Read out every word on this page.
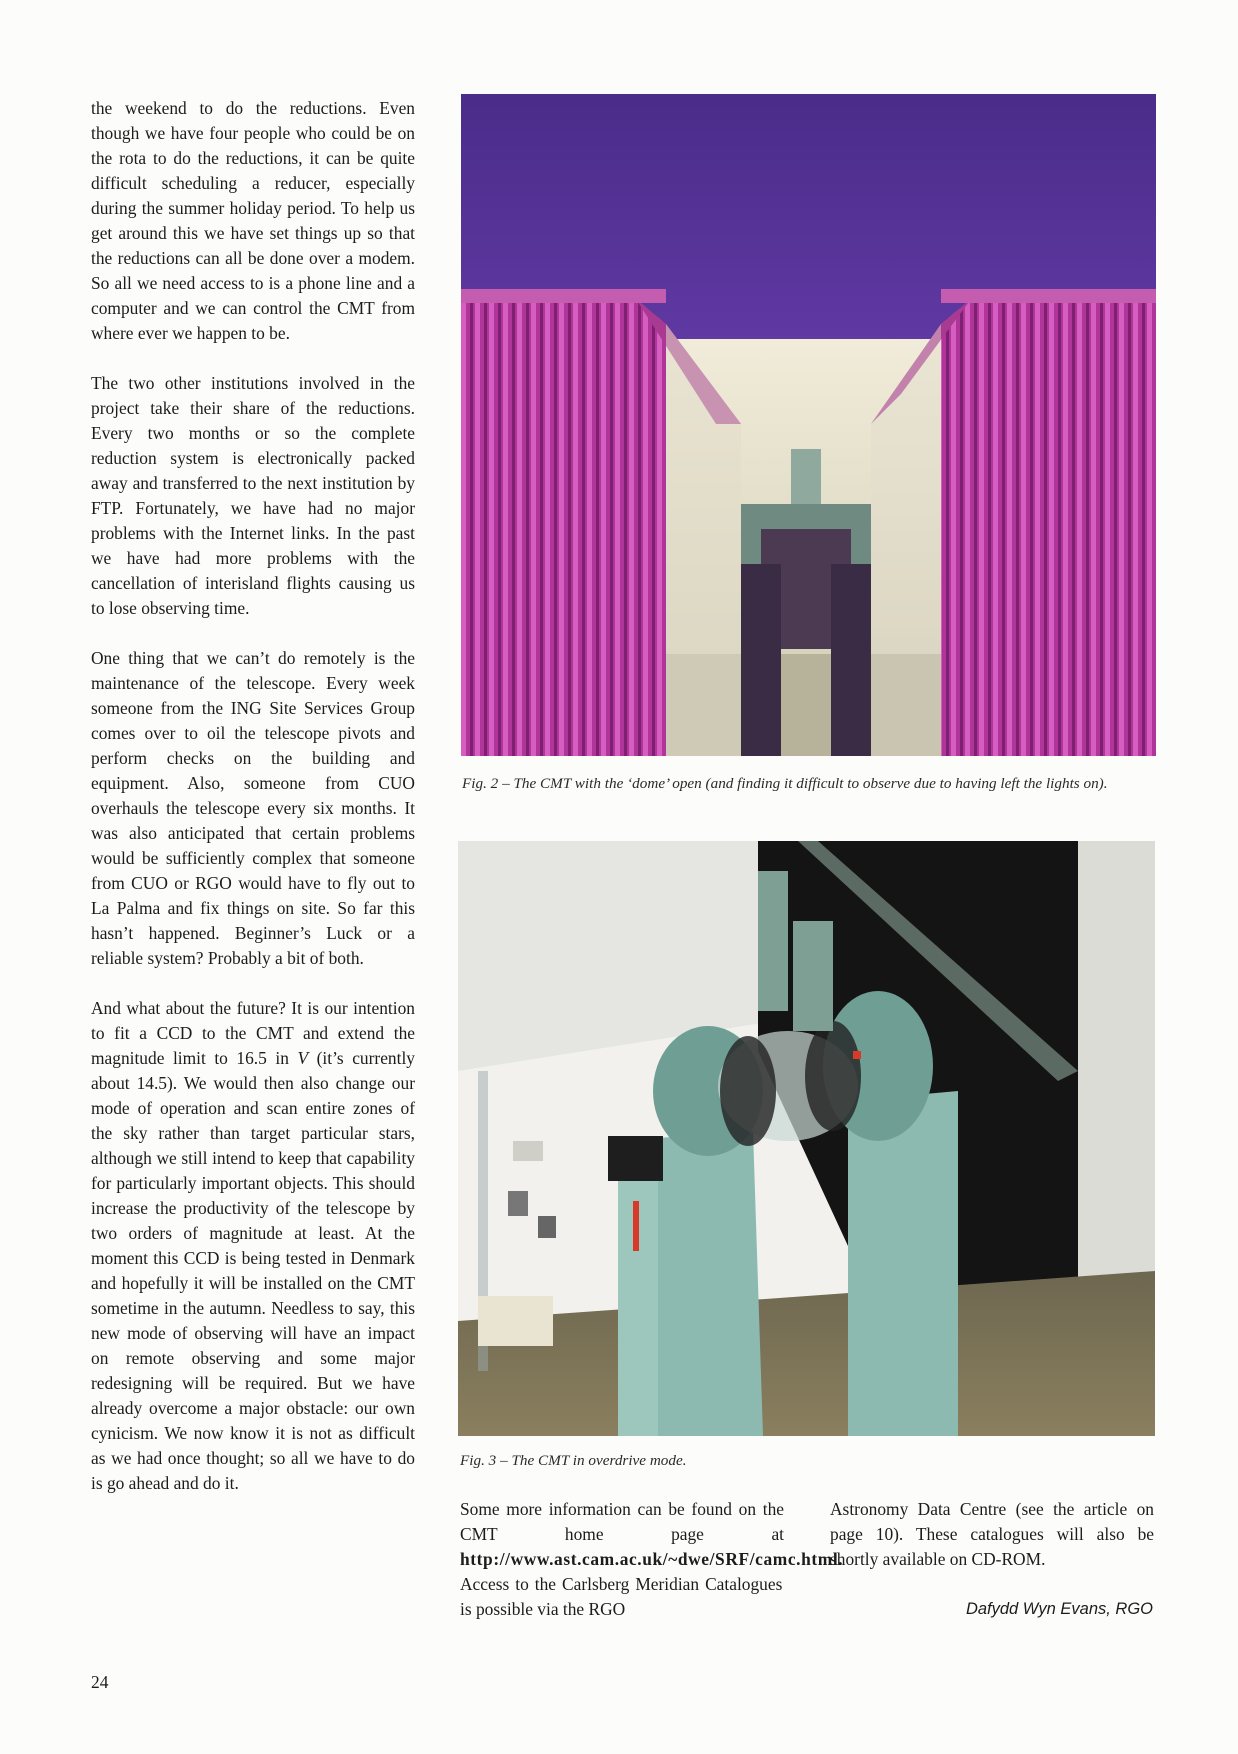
the weekend to do the reductions. Even though we have four people who could be on the rota to do the reductions, it can be quite difficult scheduling a reducer, especially during the summer holiday period. To help us get around this we have set things up so that the reductions can all be done over a modem. So all we need access to is a phone line and a computer and we can control the CMT from where ever we happen to be.

The two other institutions involved in the project take their share of the reductions. Every two months or so the complete reduction system is electronically packed away and transferred to the next institution by FTP. Fortunately, we have had no major problems with the Internet links. In the past we have had more problems with the cancellation of interisland flights causing us to lose observing time.

One thing that we can’t do remotely is the maintenance of the telescope. Every week someone from the ING Site Services Group comes over to oil the telescope pivots and perform checks on the building and equipment. Also, someone from CUO overhauls the telescope every six months. It was also anticipated that certain problems would be sufficiently complex that someone from CUO or RGO would have to fly out to La Palma and fix things on site. So far this hasn’t happened. Beginner’s Luck or a reliable system? Probably a bit of both.

And what about the future? It is our intention to fit a CCD to the CMT and extend the magnitude limit to 16.5 in V (it’s currently about 14.5). We would then also change our mode of operation and scan entire zones of the sky rather than target particular stars, although we still intend to keep that capability for particularly important objects. This should increase the productivity of the telescope by two orders of magnitude at least. At the moment this CCD is being tested in Denmark and hopefully it will be installed on the CMT sometime in the autumn. Needless to say, this new mode of observing will have an impact on remote observing and some major redesigning will be required. But we have already overcome a major obstacle: our own cynicism. We now know it is not as difficult as we had once thought; so all we have to do is go ahead and do it.

Fig. 2 – The CMT with the ‘dome’ open (and finding it difficult to observe due to having left the lights on).
Fig. 3 – The CMT in overdrive mode.

Some more information can be found on the CMT home page at http://www.ast.cam.ac.uk/~dwe/SRF/camc.html. Access to the Carlsberg Meridian Catalogues is possible via the RGO

Astronomy Data Centre (see the article on page 10). These catalogues will also be shortly available on CD-ROM.

Dafydd Wyn Evans, RGO
24
